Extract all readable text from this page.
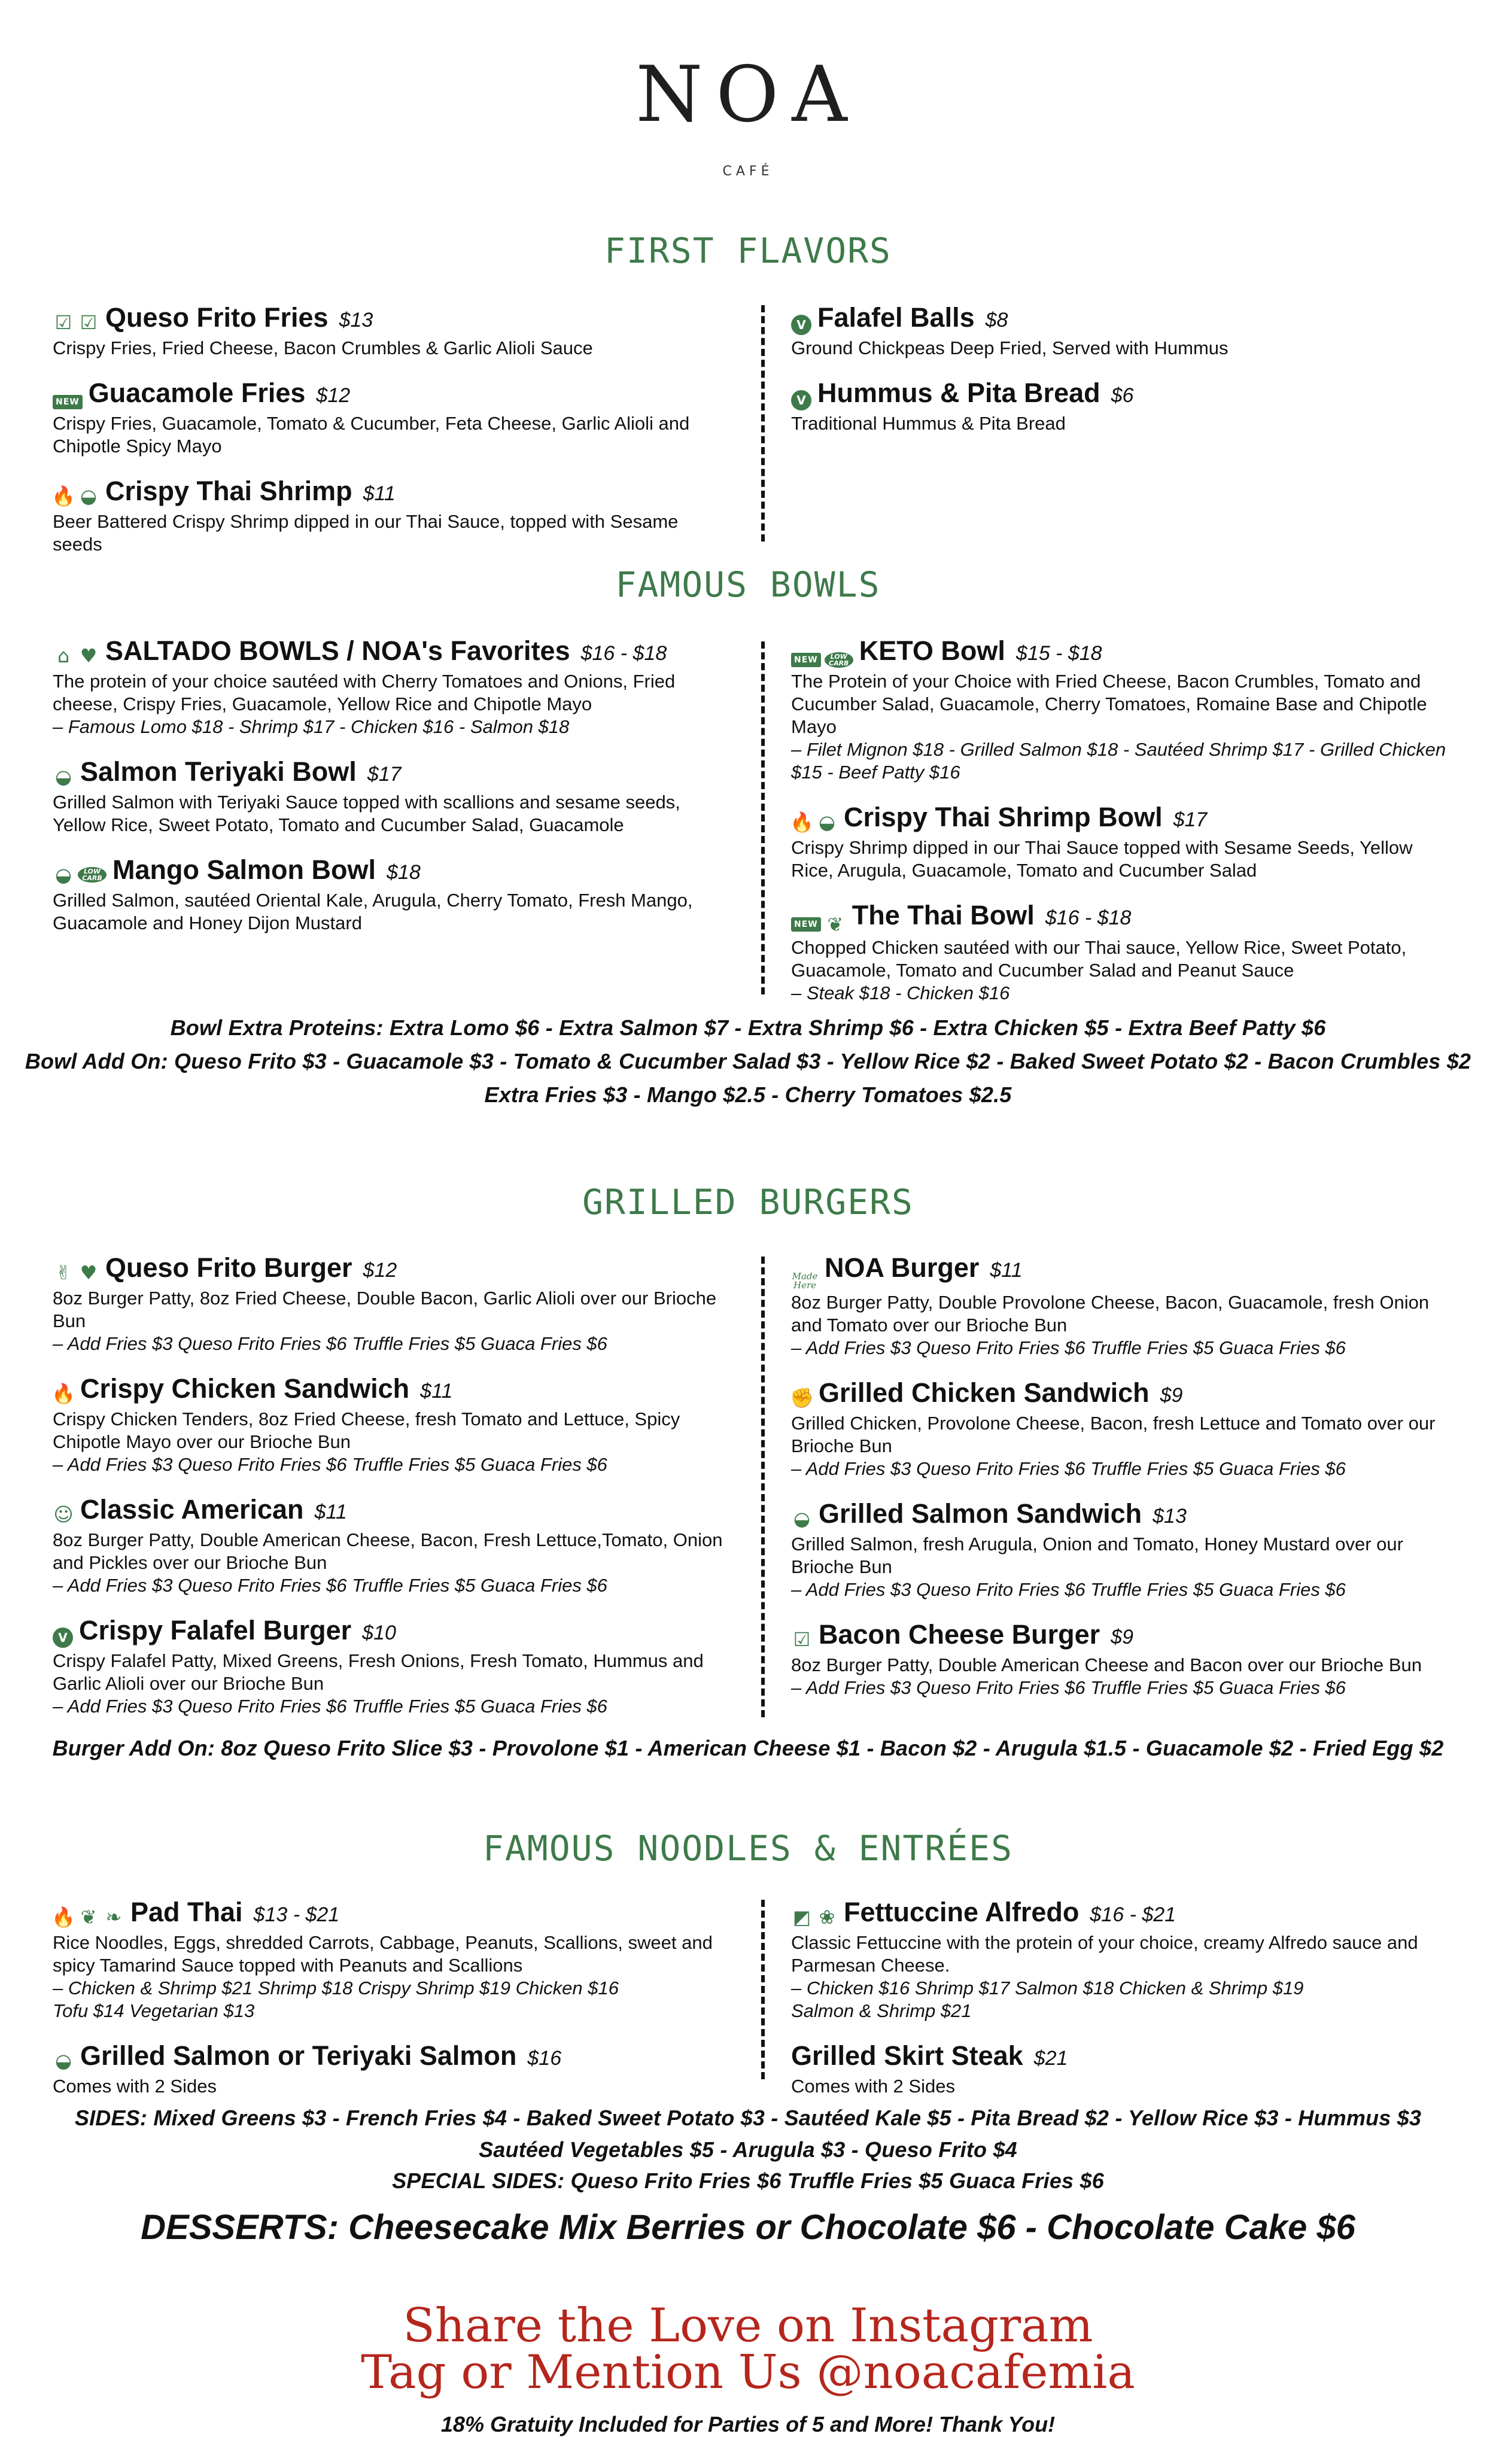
NOA
CAFÉ
FIRST FLAVORS
☑ ☑ Queso Frito Fries $13
Crispy Fries, Fried Cheese, Bacon Crumbles & Garlic Alioli Sauce
NEW Guacamole Fries $12
Crispy Fries, Guacamole, Tomato & Cucumber, Feta Cheese, Garlic Alioli and Chipotle Spicy Mayo
🔥 ◒ Crispy Thai Shrimp $11
Beer Battered Crispy Shrimp dipped in our Thai Sauce, topped with Sesame seeds
V Falafel Balls $8
Ground Chickpeas Deep Fried, Served with Hummus
V Hummus & Pita Bread $6
Traditional Hummus & Pita Bread
FAMOUS BOWLS
⌂ ♥ SALTADO BOWLS / NOA's Favorites $16 - $18
The protein of your choice sautéed with Cherry Tomatoes and Onions, Fried cheese, Crispy Fries, Guacamole, Yellow Rice and Chipotle Mayo
– Famous Lomo $18 - Shrimp $17 - Chicken $16 - Salmon $18
◒ Salmon Teriyaki Bowl $17
Grilled Salmon with Teriyaki Sauce topped with scallions and sesame seeds, Yellow Rice, Sweet Potato, Tomato and Cucumber Salad, Guacamole
◒	LOW CARB Mango Salmon Bowl $18
Grilled Salmon, sautéed Oriental Kale, Arugula, Cherry Tomato, Fresh Mango, Guacamole and Honey Dijon Mustard
NEW	LOW CARB KETO Bowl $15 - $18
The Protein of your Choice with Fried Cheese, Bacon Crumbles, Tomato and Cucumber Salad, Guacamole, Cherry Tomatoes, Romaine Base and Chipotle Mayo
– Filet Mignon $18 - Grilled Salmon $18 - Sautéed Shrimp $17 - Grilled Chicken $15 - Beef Patty $16
🔥 ◒ Crispy Thai Shrimp Bowl $17
Crispy Shrimp dipped in our Thai Sauce topped with Sesame Seeds, Yellow Rice, Arugula, Guacamole, Tomato and Cucumber Salad
NEW ❦ The Thai Bowl $16 - $18
Chopped Chicken sautéed with our Thai sauce, Yellow Rice, Sweet Potato, Guacamole, Tomato and Cucumber Salad and Peanut Sauce
– Steak $18 - Chicken $16
Bowl Extra Proteins: Extra Lomo $6 - Extra Salmon $7 - Extra Shrimp $6 - Extra Chicken $5 - Extra Beef Patty $6
Bowl Add On: Queso Frito $3 - Guacamole $3 - Tomato & Cucumber Salad $3 - Yellow Rice $2 - Baked Sweet Potato $2 - Bacon Crumbles $2
Extra Fries $3 - Mango $2.5 - Cherry Tomatoes $2.5
GRILLED BURGERS
✌ ♥ Queso Frito Burger $12
8oz Burger Patty, 8oz Fried Cheese, Double Bacon, Garlic Alioli over our Brioche Bun
– Add Fries $3 Queso Frito Fries $6 Truffle Fries $5 Guaca Fries $6
🔥 Crispy Chicken Sandwich $11
Crispy Chicken Tenders, 8oz Fried Cheese, fresh Tomato and Lettuce, Spicy Chipotle Mayo over our Brioche Bun
– Add Fries $3 Queso Frito Fries $6 Truffle Fries $5 Guaca Fries $6
☺ Classic American $11
8oz Burger Patty, Double American Cheese, Bacon, Fresh Lettuce,Tomato, Onion and Pickles over our Brioche Bun
– Add Fries $3 Queso Frito Fries $6 Truffle Fries $5 Guaca Fries $6
V Crispy Falafel Burger $10
Crispy Falafel Patty, Mixed Greens, Fresh Onions, Fresh Tomato, Hummus and Garlic Alioli over our Brioche Bun
– Add Fries $3 Queso Frito Fries $6 Truffle Fries $5 Guaca Fries $6
Made
Here
NOA Burger $11
8oz Burger Patty, Double Provolone Cheese, Bacon, Guacamole, fresh Onion and Tomato over our Brioche Bun
– Add Fries $3 Queso Frito Fries $6 Truffle Fries $5 Guaca Fries $6
✊ Grilled Chicken Sandwich $9
Grilled Chicken, Provolone Cheese, Bacon, fresh Lettuce and Tomato over our Brioche Bun
– Add Fries $3 Queso Frito Fries $6 Truffle Fries $5 Guaca Fries $6
◒ Grilled Salmon Sandwich $13
Grilled Salmon, fresh Arugula, Onion and Tomato, Honey Mustard over our Brioche Bun
– Add Fries $3 Queso Frito Fries $6 Truffle Fries $5 Guaca Fries $6
☑ Bacon Cheese Burger $9
8oz Burger Patty, Double American Cheese and Bacon over our Brioche Bun
– Add Fries $3 Queso Frito Fries $6 Truffle Fries $5 Guaca Fries $6
Burger Add On: 8oz Queso Frito Slice $3 - Provolone $1 - American Cheese $1 - Bacon $2 - Arugula $1.5 - Guacamole $2 - Fried Egg $2
FAMOUS NOODLES & ENTRÉES
🔥 ❦ ❧ Pad Thai $13 - $21
Rice Noodles, Eggs, shredded Carrots, Cabbage, Peanuts, Scallions, sweet and spicy Tamarind Sauce topped with Peanuts and Scallions
– Chicken & Shrimp $21 Shrimp $18 Crispy Shrimp $19 Chicken $16
Tofu $14 Vegetarian $13
◒ Grilled Salmon or Teriyaki Salmon $16
Comes with 2 Sides
◩ ❀ Fettuccine Alfredo $16 - $21
Classic Fettuccine with the protein of your choice, creamy Alfredo sauce and Parmesan Cheese.
– Chicken $16 Shrimp $17 Salmon $18 Chicken & Shrimp $19
Salmon & Shrimp $21
Grilled Skirt Steak $21
Comes with 2 Sides
SIDES: Mixed Greens $3 - French Fries $4 - Baked Sweet Potato $3 - Sautéed Kale $5 - Pita Bread $2 - Yellow Rice $3 - Hummus $3
Sautéed Vegetables $5 - Arugula $3 - Queso Frito $4
SPECIAL SIDES: Queso Frito Fries $6 Truffle Fries $5 Guaca Fries $6
DESSERTS: Cheesecake Mix Berries or Chocolate $6 - Chocolate Cake $6
Share the Love on Instagram
Tag or Mention Us @noacafemia
18% Gratuity Included for Parties of 5 and More! Thank You!
